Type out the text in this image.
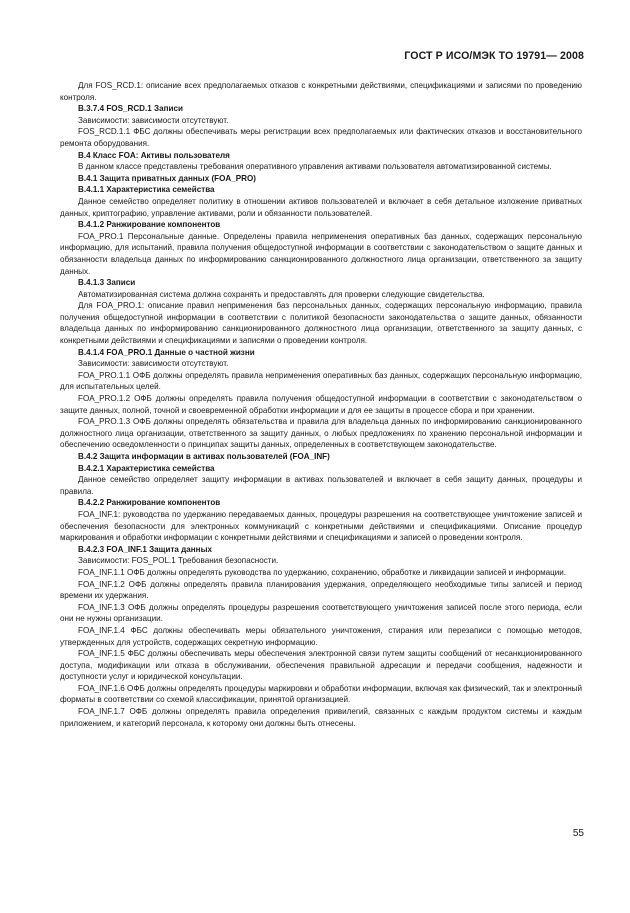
ГОСТ Р ИСО/МЭК ТО 19791— 2008
Для FOS_RCD.1: описание всех предполагаемых отказов с конкретными действиями, спецификациями и записями по проведению контроля.
В.3.7.4 FOS_RCD.1 Записи
Зависимости: зависимости отсутствуют.
FOS_RCD.1.1 ФБС должны обеспечивать меры регистрации всех предполагаемых или фактических отказов и восстановительного ремонта оборудования.
В.4 Класс FOA: Активы пользователя
В данном классе представлены требования оперативного управления активами пользователя автоматизированной системы.
В.4.1 Защита приватных данных (FOA_PRO)
В.4.1.1 Характеристика семейства
Данное семейство определяет политику в отношении активов пользователей и включает в себя детальное изложение приватных данных, криптографию, управление активами, роли и обязанности пользователей.
В.4.1.2 Ранжирование компонентов
FOA_PRO.1 Персональные данные. Определены правила неприменения оперативных баз данных, содержащих персональную информацию, для испытаний, правила получения общедоступной информации в соответствии с законодательством о защите данных и обязанности владельца данных по информированию санкционированного должностного лица организации, ответственного за защиту данных.
В.4.1.3 Записи
Автоматизированная система должна сохранять и предоставлять для проверки следующие свидетельства.
Для FOA_PRO.1: описание правил неприменения баз персональных данных, содержащих персональную информацию, правила получения общедоступной информации в соответствии с политикой безопасности законодательства о защите данных, обязанности владельца данных по информированию санкционированного должностного лица организации, ответственного за защиту данных, с конкретными действиями и спецификациями и записями о проведении контроля.
В.4.1.4 FOA_PRO.1 Данные о частной жизни
Зависимости: зависимости отсутствуют.
FOA_PRO.1.1 ОФБ должны определять правила неприменения оперативных баз данных, содержащих персональную информацию, для испытательных целей.
FOA_PRO.1.2 ОФБ должны определять правила получения общедоступной информации в соответствии с законодательством о защите данных, полной, точной и своевременной обработки информации и для ее защиты в процессе сбора и при хранении.
FOA_PRO.1.3 ОФБ должны определять обязательства и правила для владельца данных по информированию санкционированного должностного лица организации, ответственного за защиту данных, о любых предложениях по хранению персональной информации и обеспечению осведомленности о принципах защиты данных, определенных в соответствующем законодательстве.
В.4.2 Защита информации в активах пользователей (FOA_INF)
В.4.2.1 Характеристика семейства
Данное семейство определяет защиту информации в активах пользователей и включает в себя защиту данных, процедуры и правила.
В.4.2.2 Ранжирование компонентов
FOA_INF.1: руководства по удержанию передаваемых данных, процедуры разрешения на соответствующее уничтожение записей и обеспечения безопасности для электронных коммуникаций с конкретными действиями и спецификациями. Описание процедур маркирования и обработки информации с конкретными действиями и спецификациями и записей о проведении контроля.
В.4.2.3 FOA_INF.1 Защита данных
Зависимости: FOS_POL.1 Требования безопасности.
FOA_INF.1.1 ОФБ должны определять руководства по удержанию, сохранению, обработке и ликвидации записей и информации.
FOA_INF.1.2 ОФБ должны определять правила планирования удержания, определяющего необходимые типы записей и период времени их удержания.
FOA_INF.1.3 ОФБ должны определять процедуры разрешения соответствующего уничтожения записей после этого периода, если они не нужны организации.
FOA_INF.1.4 ФБС должны обеспечивать меры обязательного уничтожения, стирания или перезаписи с помощью методов, утвержденных для устройств, содержащих секретную информацию.
FOA_INF.1.5 ФБС должны обеспечивать меры обеспечения электронной связи путем защиты сообщений от несанкционированного доступа, модификации или отказа в обслуживании, обеспечения правильной адресации и передачи сообщения, надежности и доступности услуг и юридической консультации.
FOA_INF.1.6 ОФБ должны определять процедуры маркировки и обработки информации, включая как физический, так и электронный форматы в соответствии со схемой классификации, принятой организацией.
FOA_INF.1.7 ОФБ должны определять правила определения привилегий, связанных с каждым продуктом системы и каждым приложением, и категорий персонала, к которому они должны быть отнесены.
55
